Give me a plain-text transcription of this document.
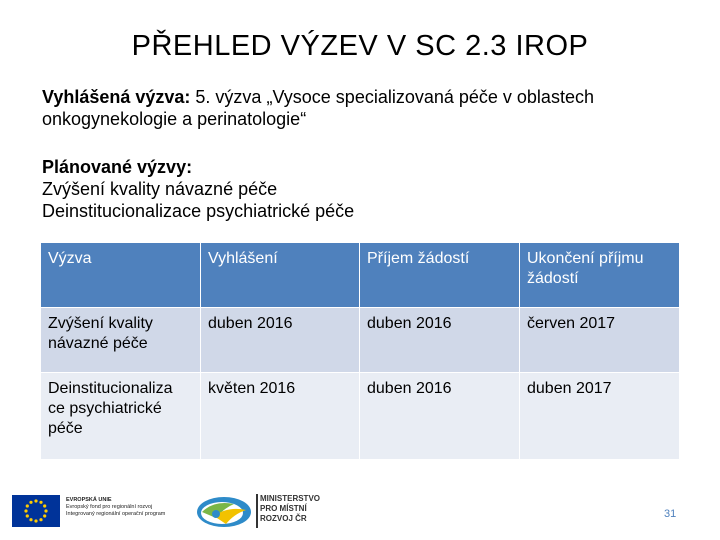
PŘEHLED VÝZEV V SC 2.3 IROP
Vyhlášená výzva: 5. výzva „Vysoce specializovaná péče v oblastech onkogynekologie a perinatologie“
Plánované výzvy:
Zvýšení kvality návazné péče
Deinstitucionalizace psychiatrické péče
Výzva	Vyhlášení	Příjem žádostí	Ukončení příjmu žádostí
Zvýšení kvality návazné péče	duben 2016	duben 2016	červen 2017
Deinstitucionaliza ce psychiatrické péče	květen 2016	duben 2016	duben 2017
EVROPSKÁ UNIE
Evropský fond pro regionální rozvoj
Integrovaný regionální operační program
MINISTERSTVO
PRO MÍSTNÍ
ROZVOJ ČR	31
